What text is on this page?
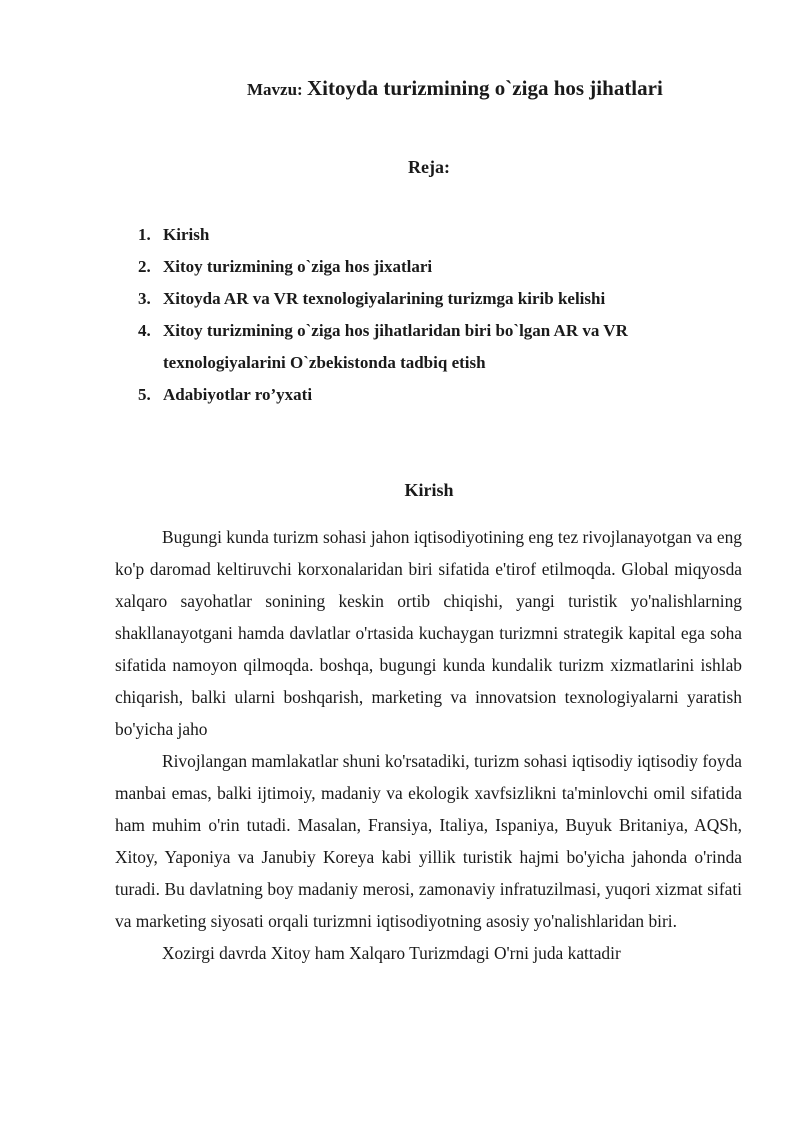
Mavzu: Xitoyda turizmining o`ziga hos jihatlari
Reja:
1. Kirish
2. Xitoy turizmining o`ziga hos jixatlari
3. Xitoyda AR va VR texnologiyalarining turizmga kirib kelishi
4. Xitoy turizmining o`ziga hos jihatlaridan biri bo`lgan AR va VR texnologiyalarini O`zbekistonda tadbiq etish
5. Adabiyotlar ro’yxati
Kirish

Bugungi kunda turizm sohasi jahon iqtisodiyotining eng tez rivojlanayotgan va eng ko'p daromad keltiruvchi korxonalaridan biri sifatida e'tirof etilmoqda. Global miqyosda xalqaro sayohatlar sonining keskin ortib chiqishi, yangi turistik yo'nalishlarning shakllanayotgani hamda davlatlar o'rtasida kuchaygan turizmni strategik kapital ega soha sifatida namoyon qilmoqda. boshqa, bugungi kunda kundalik turizm xizmatlarini ishlab chiqarish, balki ularni boshqarish, marketing va innovatsion texnologiyalarni yaratish bo'yicha jaho

Rivojlangan mamlakatlar shuni ko'rsatadiki, turizm sohasi iqtisodiy iqtisodiy foyda manbai emas, balki ijtimoiy, madaniy va ekologik xavfsizlikni ta'minlovchi omil sifatida ham muhim o'rin tutadi. Masalan, Fransiya, Italiya, Ispaniya, Buyuk Britaniya, AQSh, Xitoy, Yaponiya va Janubiy Koreya kabi yillik turistik hajmi bo'yicha jahonda o'rinda turadi. Bu davlatning boy madaniy merosi, zamonaviy infratuzilmasi, yuqori xizmat sifati va marketing siyosati orqali turizmni iqtisodiyotning asosiy yo'nalishlaridan biri.

Xozirgi davrda Xitoy ham Xalqaro Turizmdagi O'rni juda kattadir
